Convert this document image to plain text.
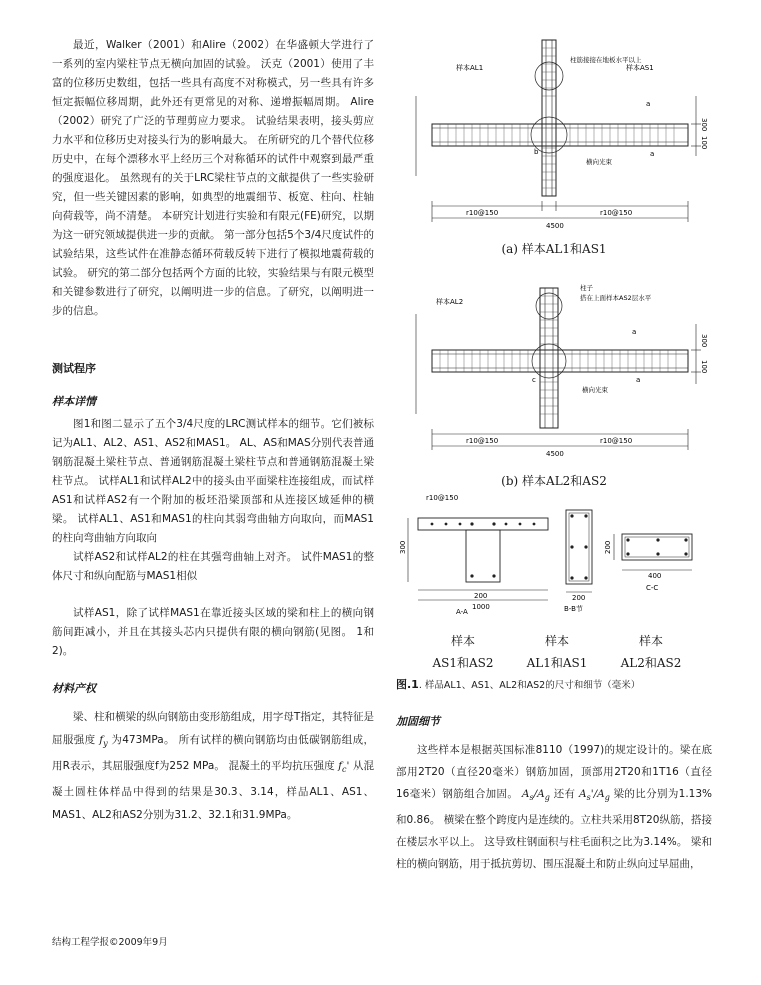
最近，Walker（2001）和Alire（2002）在华盛顿大学进行了一系列的室内梁柱节点无横向加固的试验。 沃克（2001）使用了丰富的位移历史数组，包括一些具有高度不对称模式，另一些具有许多恒定振幅位移周期，此外还有更常见的对称、递增振幅周期。 Alire（2002）研究了广泛的节理剪应力要求。 试验结果表明，接头剪应力水平和位移历史对接头行为的影响最大。 在所研究的几个替代位移历史中，在每个漂移水平上经历三个对称循环的试件中观察到最严重的强度退化。 虽然现有的关于LRC梁柱节点的文献提供了一些实验研究，但一些关键因素的影响，如典型的地震细节、板宽、柱向、柱轴向荷载等，尚不清楚。 本研究计划进行实验和有限元(FE)研究，以期为这一研究领域提供进一步的贡献。 第一部分包括5个3/4尺度试件的试验结果，这些试件在准静态循环荷载反转下进行了模拟地震荷载的试验。 研究的第二部分包括两个方面的比较，实验结果与有限元模型和关键参数进行了研究，以阐明进一步的信息。了研究，以阐明进一步的信息。

测试程序

样本详情

图1和图二显示了五个3/4尺度的LRC测试样本的细节。它们被标记为AL1、AL2、AS1、AS2和MAS1。 AL、AS和MAS分别代表普通钢筋混凝土梁柱节点、普通钢筋混凝土梁柱节点和普通钢筋混凝土梁柱节点。 试样AL1和试样AL2中的接头由平面梁柱连接组成，而试样AS1和试样AS2有一个附加的板坯沿梁顶部和从连接区域延伸的横梁。 试样AL1、AS1和MAS1的柱向其弱弯曲轴方向取向，而MAS1的柱向弯曲轴方向取向

试样AS2和试样AL2的柱在其强弯曲轴上对齐。 试件MAS1的整体尺寸和纵向配筋与MAS1相似

试样AS1，除了试样MAS1在靠近接头区域的梁和柱上的横向钢筋间距减小，并且在其接头芯内只提供有限的横向钢筋(见图。 1和2)。

材料产权

梁、柱和横梁的纵向钢筋由变形筋组成，用字母T指定，其特征是屈服强度 $f_y$ 为473MPa。 所有试样的横向钢筋均由低碳钢筋组成，用R表示，其屈服强度f为252 MPa。 混凝土的平均抗压强度 $f_c'$ 从混凝土圆柱体样品中得到的结果是30.3、3.14，样品AL1、AS1、MAS1、AL2和AS2分别为31.2、32.1和31.9MPa。

样本AL1	样本AS1
柱筋接接在地板水平以上
横向光束
r10@150	r10@150
4500
100
300
a
a
b
(a) 样本AL1和AS1
样本AL2
柱子
搭在上面样本AS2层水平
横向光束
r10@150	r10@150
4500
100
300
a
a
c
(b) 样本AL2和AS2
r10@150
200
1000
300
200
400
200
A-A	B-B节
C-C
样本
AS1和AS2
样本
AL1和AS1
样本
AL2和AS2
图.1. 样品AL1、AS1、AL2和AS2的尺寸和细节（毫米）

加固细节

这些样本是根据英国标准8110（1997)的规定设计的。梁在底部用2T20（直径20毫米）钢筋加固，顶部用2T20和1T16（直径16毫米）钢筋组合加固。 $A_s/A_g$ 还有 $A_s'/A_g$ 梁的比分别为1.13%和0.86。 横梁在整个跨度内是连续的。立柱共采用8T20纵筋，搭接在楼层水平以上。 这导致柱钢面积与柱毛面积之比为3.14%。 梁和柱的横向钢筋，用于抵抗剪切、围压混凝土和防止纵向过早屈曲，

结构工程学报©2009年9月
